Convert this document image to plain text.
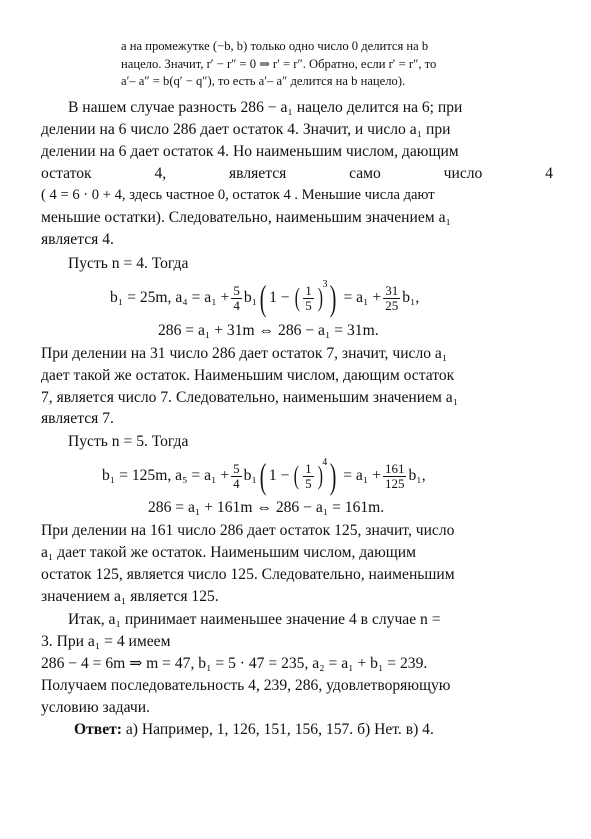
а на промежутке (−b, b) только одно число 0 делится на b
нацело. Значит, r′ − r″ = 0 ⇒ r′ = r″. Обратно, если r′ = r″, то
a′– a″ = b(q′ − q″), то есть a′– a″ делится на b нацело).
В нашем случае разность 286 − a₁ нацело делится на 6; при
делении на 6 число 286 дает остаток 4. Значит, и число a₁ при
делении на 6 дает остаток 4. Но наименьшим числом, дающим
остаток	4,	является	само	число	4
( 4 = 6 · 0 + 4, здесь частное 0, остаток 4 . Меньшие числа дают
меньшие остатки). Следовательно, наименьшим значением a₁
является 4.
Пусть n = 4. Тогда
b₁ = 25m, $a_4 = a_1 + \frac{5}{4} b_1$ ( 1 − ( $\frac{1}{5} )^3$ ) = $a_1 + \frac{31}{25} b_1$,
286 = a₁ + 31m ⇔ 286 − a₁ = 31m.
При делении на 31 число 286 дает остаток 7, значит, число a₁
дает такой же остаток. Наименьшим числом, дающим остаток
7, является число 7. Следовательно, наименьшим значением a₁
является 7.
Пусть n = 5. Тогда
b₁ = 125m, $a_5 = a_1 + \frac{5}{4} b_1$ ( 1 − ( $\frac{1}{5} )^4$ ) = $a_1 + \frac{161}{125} b_1$,
286 = a₁ + 161m ⇔ 286 − a₁ = 161m.
При делении на 161 число 286 дает остаток 125, значит, число
a₁ дает такой же остаток. Наименьшим числом, дающим
остаток 125, является число 125. Следовательно, наименьшим
значением a₁ является 125.
Итак, a₁ принимает наименьшее значение 4 в случае n =
3. При a₁ = 4 имеем
286 − 4 = 6m ⇒ m = 47, b₁ = 5 · 47 = 235, a₂ = a₁ + b₁ = 239.
Получаем последовательность 4, 239, 286, удовлетворяющую
условию задачи.
Ответ: а) Например, 1, 126, 151, 156, 157. б) Нет. в) 4.
